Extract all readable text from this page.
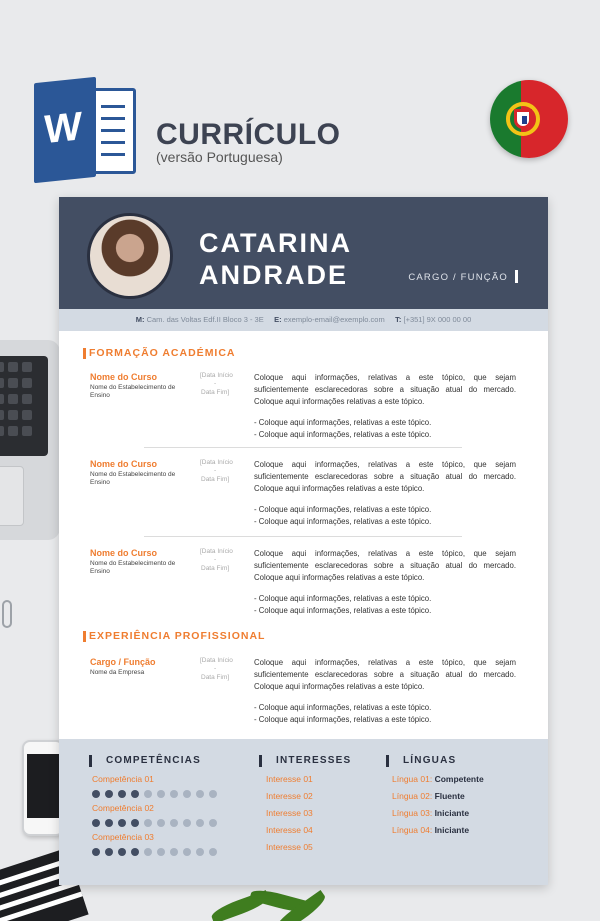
W CURRÍCULO
(versão Portuguesa)
CATARINA
ANDRADE	CARGO / FUNÇÃO
M: Cam. das Voltas Edf.II Bloco 3 - 3E E: exemplo-email@exemplo.com T: [+351] 9X 000 00 00
FORMAÇÃO ACADÉMICA
Nome do Curso
Nome do Estabelecimento de Ensino
[Data Início
-
Data Fim]
Coloque aqui informações, relativas a este tópico, que sejam suficientemente esclarecedoras sobre a situação atual do mercado. Coloque aqui informações relativas a este tópico.
- Coloque aqui informações, relativas a este tópico.
- Coloque aqui informações, relativas a este tópico.
Nome do Curso
Nome do Estabelecimento de Ensino
[Data Início
-
Data Fim]
Coloque aqui informações, relativas a este tópico, que sejam suficientemente esclarecedoras sobre a situação atual do mercado. Coloque aqui informações relativas a este tópico.
- Coloque aqui informações, relativas a este tópico.
- Coloque aqui informações, relativas a este tópico.
Nome do Curso
Nome do Estabelecimento de Ensino
[Data Início
-
Data Fim]
Coloque aqui informações, relativas a este tópico, que sejam suficientemente esclarecedoras sobre a situação atual do mercado. Coloque aqui informações relativas a este tópico.
- Coloque aqui informações, relativas a este tópico.
- Coloque aqui informações, relativas a este tópico.
EXPERIÊNCIA PROFISSIONAL
Cargo / Função
Nome da Empresa
[Data Início
-
Data Fim]
Coloque aqui informações, relativas a este tópico, que sejam suficientemente esclarecedoras sobre a situação atual do mercado. Coloque aqui informações relativas a este tópico.
- Coloque aqui informações, relativas a este tópico.
- Coloque aqui informações, relativas a este tópico.
COMPETÊNCIAS
Competência 01
Competência 02
Competência 03
INTERESSES
Interesse 01
Interesse 02
Interesse 03
Interesse 04
Interesse 05
LÍNGUAS
Língua 01: Competente
Língua 02: Fluente
Língua 03: Iniciante
Língua 04: Iniciante
